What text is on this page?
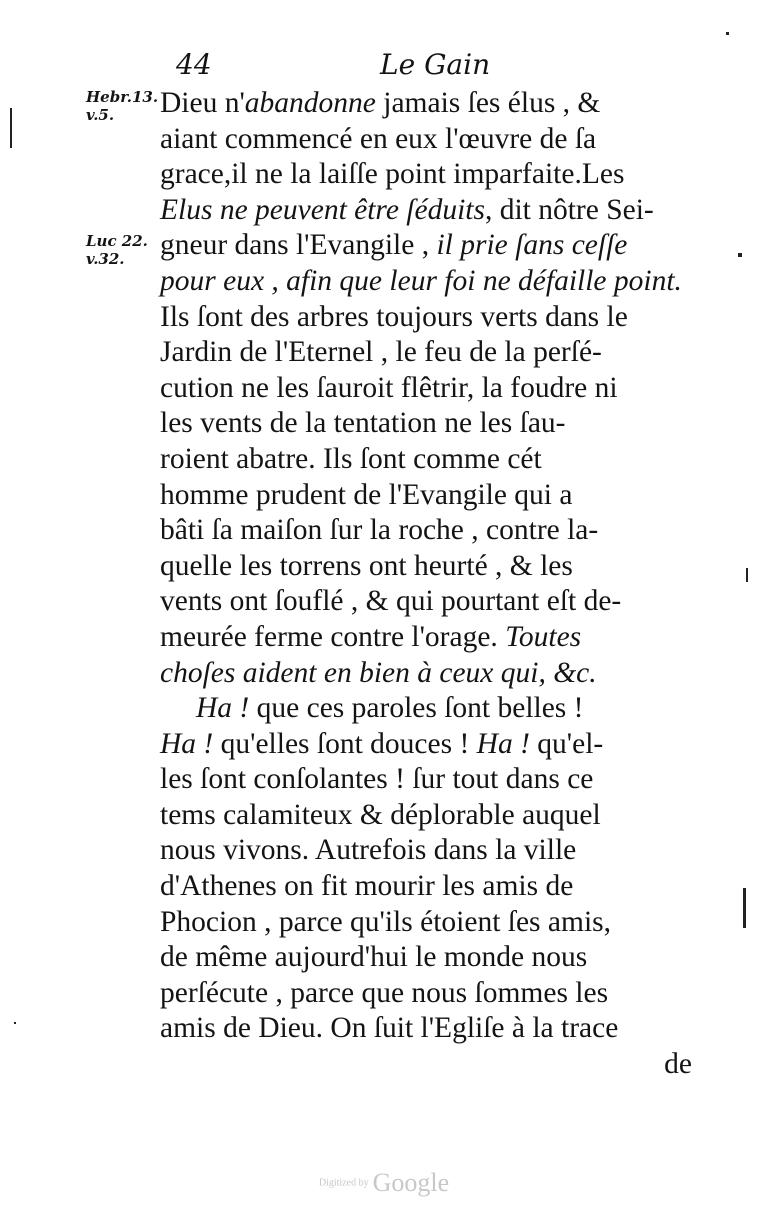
44	Le Gain
Hebr.13.
v.5.
Luc 22.
v.32.
Dieu n'abandonne jamais ſes élus , &
aiant commencé en eux l'œuvre de ſa
grace,il ne la laiſſe point imparfaite.Les
Elus ne peuvent être ſéduits, dit nôtre Sei-
gneur dans l'Evangile , il prie ſans ceſſe
pour eux , afin que leur foi ne défaille point.
Ils ſont des arbres toujours verts dans le
Jardin de l'Eternel , le feu de la perſé-
cution ne les ſauroit flêtrir, la foudre ni
les vents de la tentation ne les ſau-
roient abatre. Ils ſont comme cét
homme prudent de l'Evangile qui a
bâti ſa maiſon ſur la roche , contre la-
quelle les torrens ont heurté , & les
vents ont ſouflé , & qui pourtant eſt de-
meurée ferme contre l'orage. Toutes
choſes aident en bien à ceux qui, &c.
Ha ! que ces paroles ſont belles !
Ha ! qu'elles ſont douces ! Ha ! qu'el-
les ſont conſolantes ! ſur tout dans ce
tems calamiteux & déplorable auquel
nous vivons. Autrefois dans la ville
d'Athenes on fit mourir les amis de
Phocion , parce qu'ils étoient ſes amis,
de même aujourd'hui le monde nous
perſécute , parce que nous ſommes les
amis de Dieu. On ſuit l'Egliſe à la trace
de
Digitized by Google
